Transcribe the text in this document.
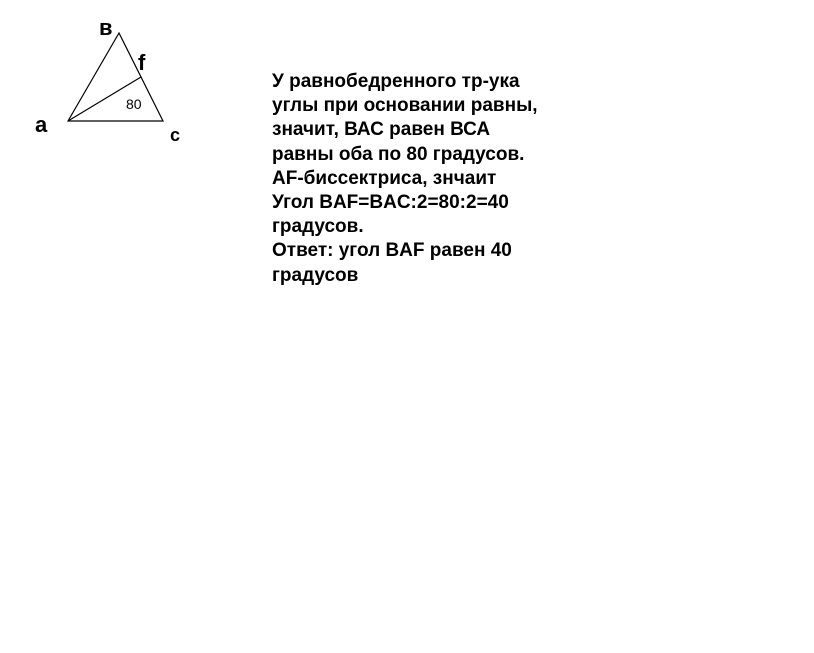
в
f
a	c
80
У равнобедренного тр-ука
углы при основании равны,
значит, ВАС равен ВСА
равны оба по 80 градусов.
AF-биссектриса, знчаит
Угол BAF=BAC:2=80:2=40
градусов.
Ответ: угол BAF равен 40
градусов
